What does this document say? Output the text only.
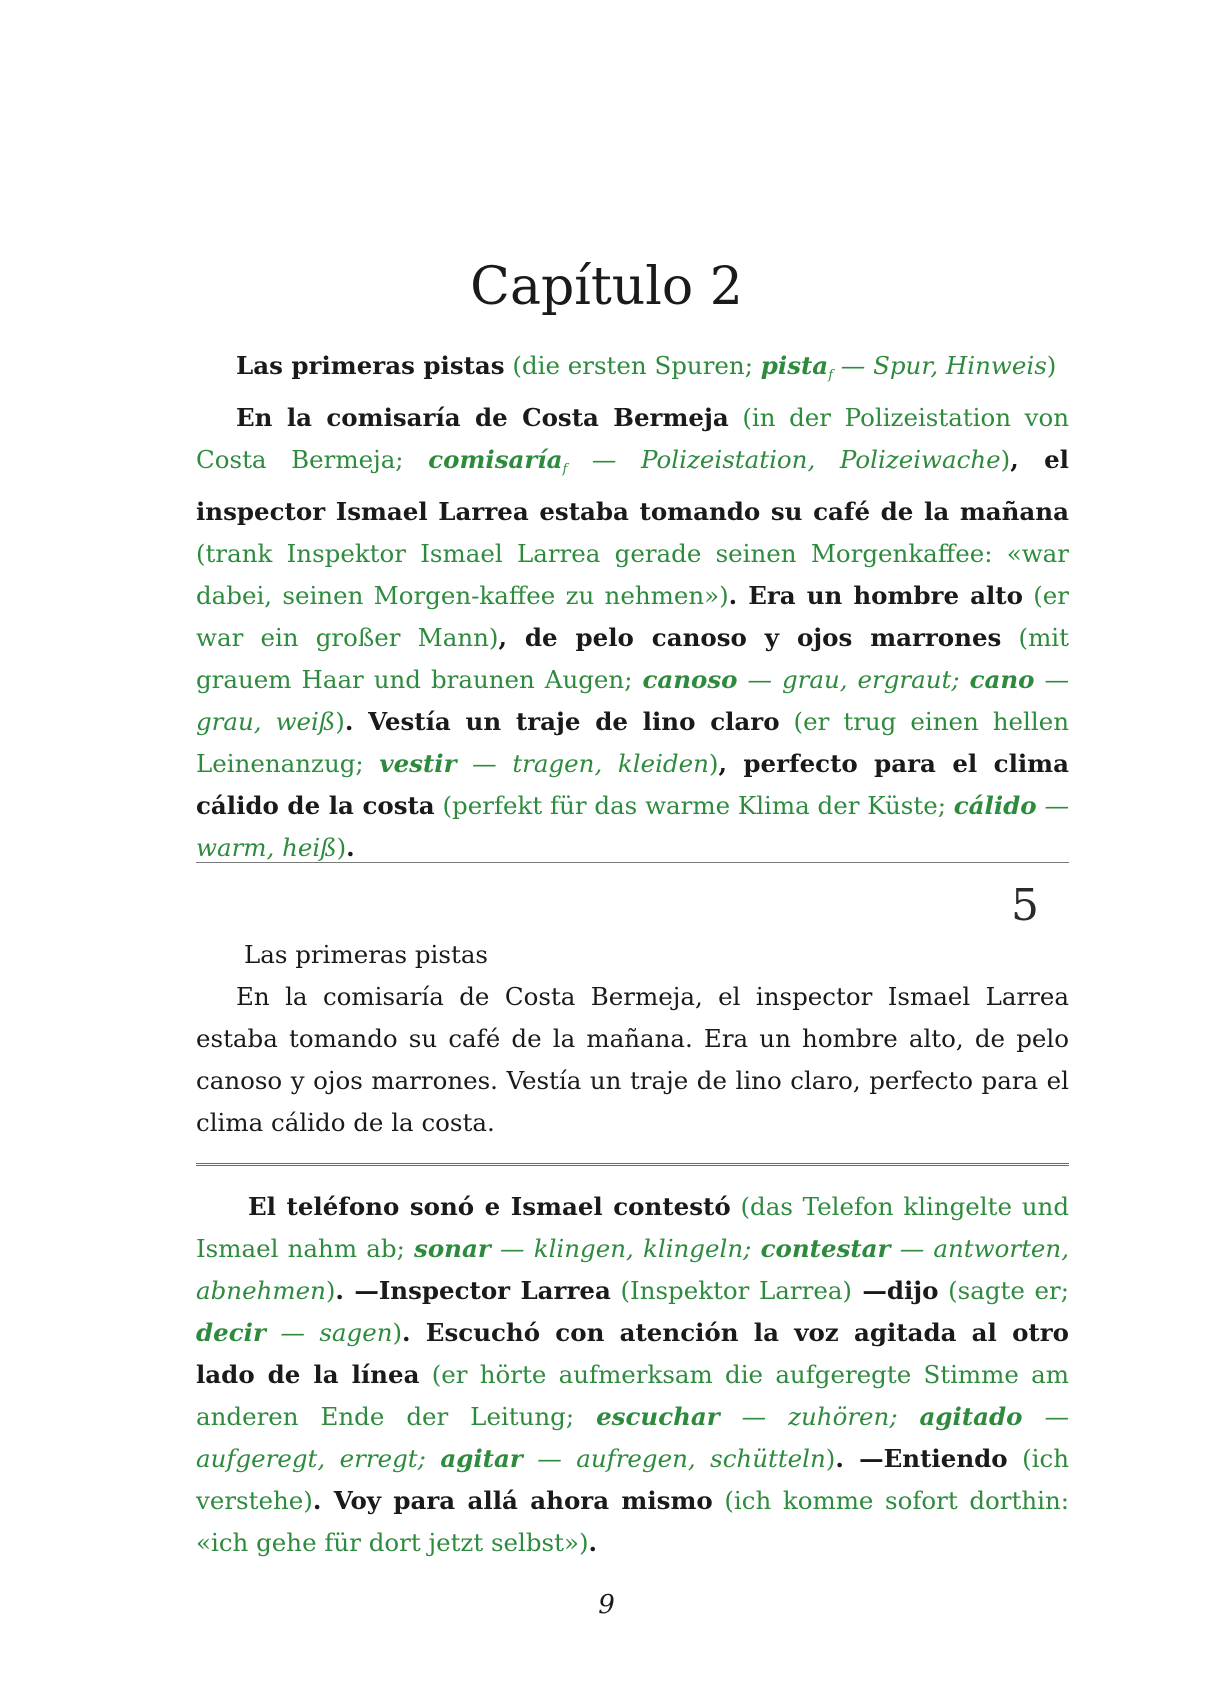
Capítulo 2

Las primeras pistas (die ersten Spuren; pista$_f$ — Spur, Hinweis)

En la comisaría de Costa Bermeja (in der Polizeistation von Costa Bermeja; comisaría$_f$ — Polizeistation, Polizeiwache), el inspector Ismael Larrea estaba tomando su café de la mañana (trank Inspektor Ismael Larrea gerade seinen Morgenkaffee: «war dabei, seinen Morgen-kaffee zu nehmen»). Era un hombre alto (er war ein großer Mann), de pelo canoso y ojos marrones (mit grauem Haar und braunen Augen; canoso — grau, ergraut; cano — grau, weiß). Vestía un traje de lino claro (er trug einen hellen Leinenanzug; vestir — tragen, kleiden), perfecto para el clima cálido de la costa (perfekt für das warme Klima der Küste; cálido — warm, heiß).

5

Las primeras pistas

En la comisaría de Costa Bermeja, el inspector Ismael Larrea estaba tomando su café de la mañana. Era un hombre alto, de pelo canoso y ojos marrones. Vestía un traje de lino claro, perfecto para el clima cálido de la costa.

El teléfono sonó e Ismael contestó (das Telefon klingelte und Ismael nahm ab; sonar — klingen, klingeln; contestar — antworten, abnehmen). —Inspector Larrea (Inspektor Larrea) —dijo (sagte er; decir — sagen). Escuchó con atención la voz agitada al otro lado de la línea (er hörte aufmerksam die aufgeregte Stimme am anderen Ende der Leitung; escuchar — zuhören; agitado — aufgeregt, erregt; agitar — aufregen, schütteln). —Entiendo (ich verstehe). Voy para allá ahora mismo (ich komme sofort dorthin: «ich gehe für dort jetzt selbst»).

9
